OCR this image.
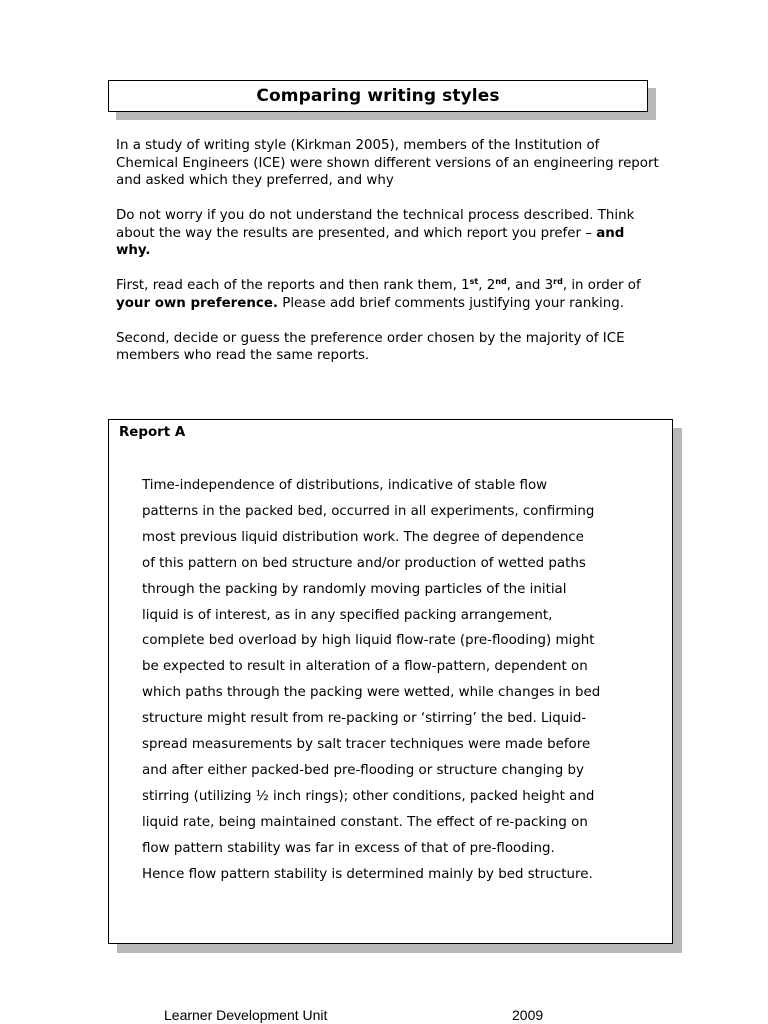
Comparing writing styles

In a study of writing style (Kirkman 2005), members of the Institution of Chemical Engineers (ICE) were shown different versions of an engineering report and asked which they preferred, and why

Do not worry if you do not understand the technical process described. Think about the way the results are presented, and which report you prefer – and why.

First, read each of the reports and then rank them, 1st, 2nd, and 3rd, in order of your own preference. Please add brief comments justifying your ranking.

Second, decide or guess the preference order chosen by the majority of ICE members who read the same reports.

Report A
Time-independence of distributions, indicative of stable flow
patterns in the packed bed, occurred in all experiments, confirming
most previous liquid distribution work. The degree of dependence
of this pattern on bed structure and/or production of wetted paths
through the packing by randomly moving particles of the initial
liquid is of interest, as in any specified packing arrangement,
complete bed overload by high liquid flow-rate (pre-flooding) might
be expected to result in alteration of a flow-pattern, dependent on
which paths through the packing were wetted, while changes in bed
structure might result from re-packing or ‘stirring’ the bed. Liquid-
spread measurements by salt tracer techniques were made before
and after either packed-bed pre-flooding or structure changing by
stirring (utilizing ½ inch rings); other conditions, packed height and
liquid rate, being maintained constant. The effect of re-packing on
flow pattern stability was far in excess of that of pre-flooding.
Hence flow pattern stability is determined mainly by bed structure.
Learner Development Unit	2009
